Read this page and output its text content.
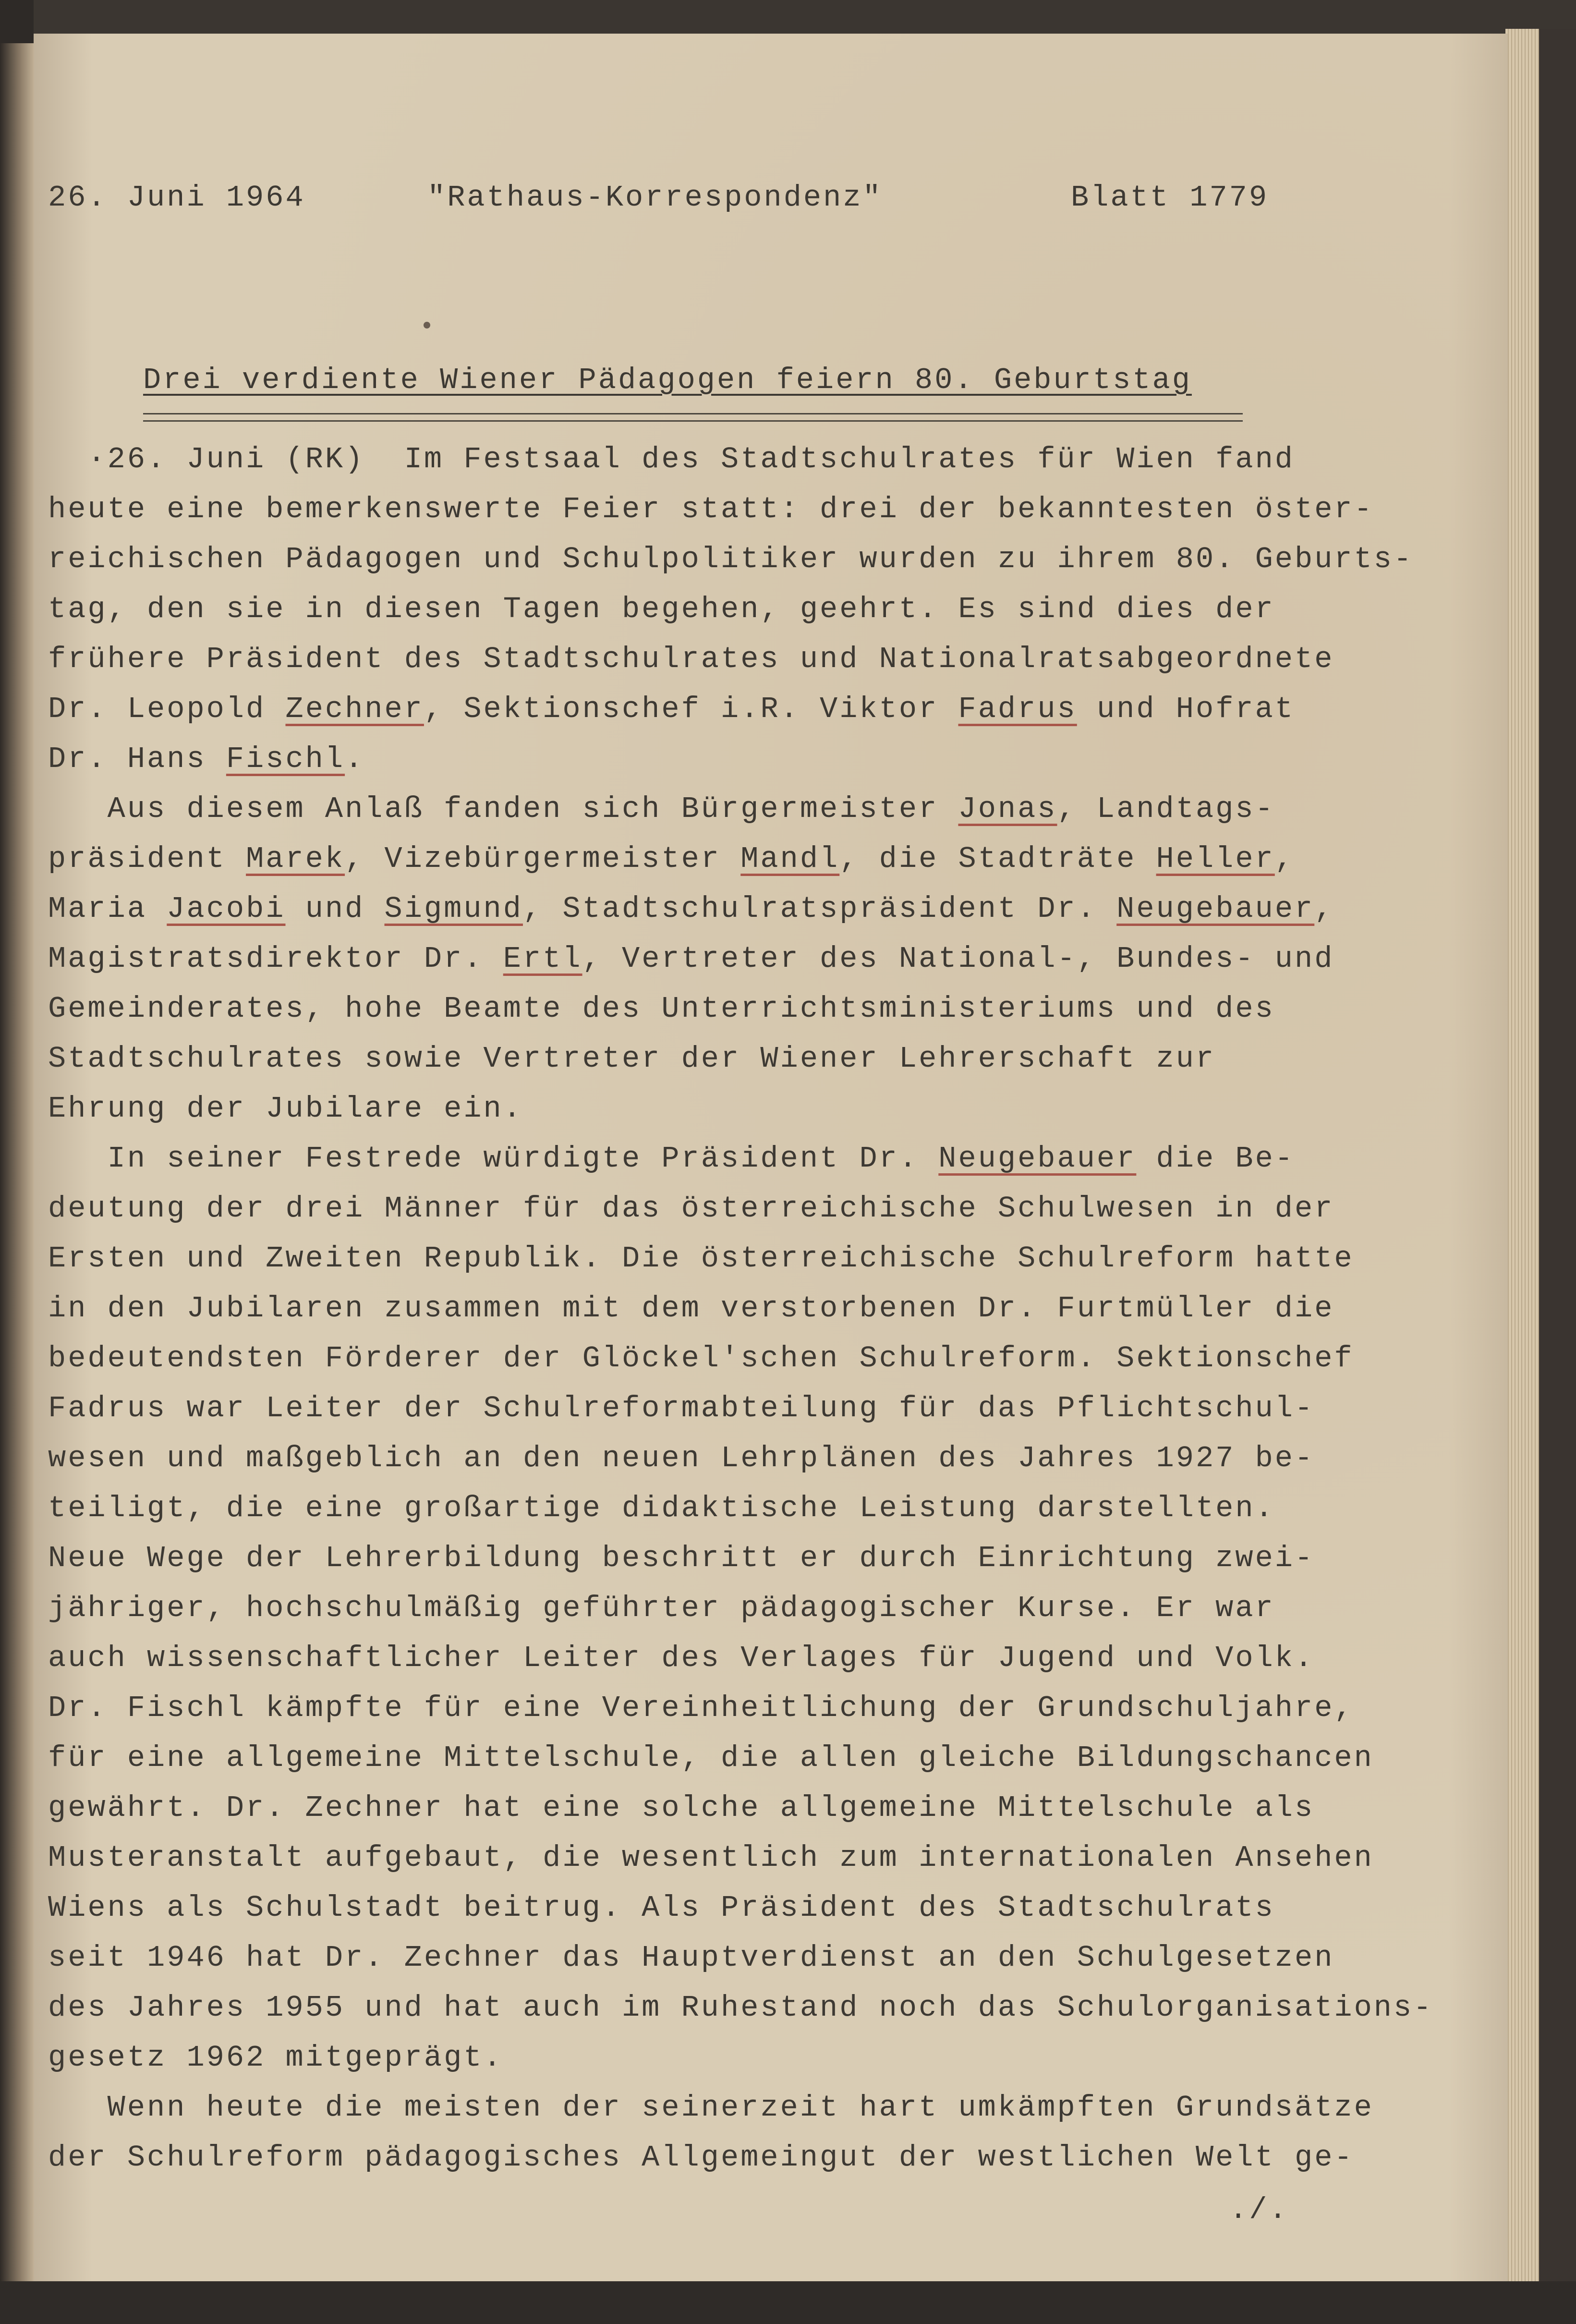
26. Juni 1964	"Rathaus-Korrespondenz"	Blatt 1779
Drei verdiente Wiener Pädagogen feiern 80. Geburtstag
·26. Juni (RK)  Im Festsaal des Stadtschulrates für Wien fand
heute eine bemerkenswerte Feier statt: drei der bekanntesten öster-
reichischen Pädagogen und Schulpolitiker wurden zu ihrem 80. Geburts-
tag, den sie in diesen Tagen begehen, geehrt. Es sind dies der
frühere Präsident des Stadtschulrates und Nationalratsabgeordnete
Dr. Leopold Zechner, Sektionschef i.R. Viktor Fadrus und Hofrat
Dr. Hans Fischl.
Aus diesem Anlaß fanden sich Bürgermeister Jonas, Landtags-
präsident Marek, Vizebürgermeister Mandl, die Stadträte Heller,
Maria Jacobi und Sigmund, Stadtschulratspräsident Dr. Neugebauer,
Magistratsdirektor Dr. Ertl, Vertreter des National-, Bundes- und
Gemeinderates, hohe Beamte des Unterrichtsministeriums und des
Stadtschulrates sowie Vertreter der Wiener Lehrerschaft zur
Ehrung der Jubilare ein.
In seiner Festrede würdigte Präsident Dr. Neugebauer die Be-
deutung der drei Männer für das österreichische Schulwesen in der
Ersten und Zweiten Republik. Die österreichische Schulreform hatte
in den Jubilaren zusammen mit dem verstorbenen Dr. Furtmüller die
bedeutendsten Förderer der Glöckel'schen Schulreform. Sektionschef
Fadrus war Leiter der Schulreformabteilung für das Pflichtschul-
wesen und maßgeblich an den neuen Lehrplänen des Jahres 1927 be-
teiligt, die eine großartige didaktische Leistung darstellten.
Neue Wege der Lehrerbildung beschritt er durch Einrichtung zwei-
jähriger, hochschulmäßig geführter pädagogischer Kurse. Er war
auch wissenschaftlicher Leiter des Verlages für Jugend und Volk.
Dr. Fischl kämpfte für eine Vereinheitlichung der Grundschuljahre,
für eine allgemeine Mittelschule, die allen gleiche Bildungschancen
gewährt. Dr. Zechner hat eine solche allgemeine Mittelschule als
Musteranstalt aufgebaut, die wesentlich zum internationalen Ansehen
Wiens als Schulstadt beitrug. Als Präsident des Stadtschulrats
seit 1946 hat Dr. Zechner das Hauptverdienst an den Schulgesetzen
des Jahres 1955 und hat auch im Ruhestand noch das Schulorganisations-
gesetz 1962 mitgeprägt.
Wenn heute die meisten der seinerzeit hart umkämpften Grundsätze
der Schulreform pädagogisches Allgemeingut der westlichen Welt ge-
./.
